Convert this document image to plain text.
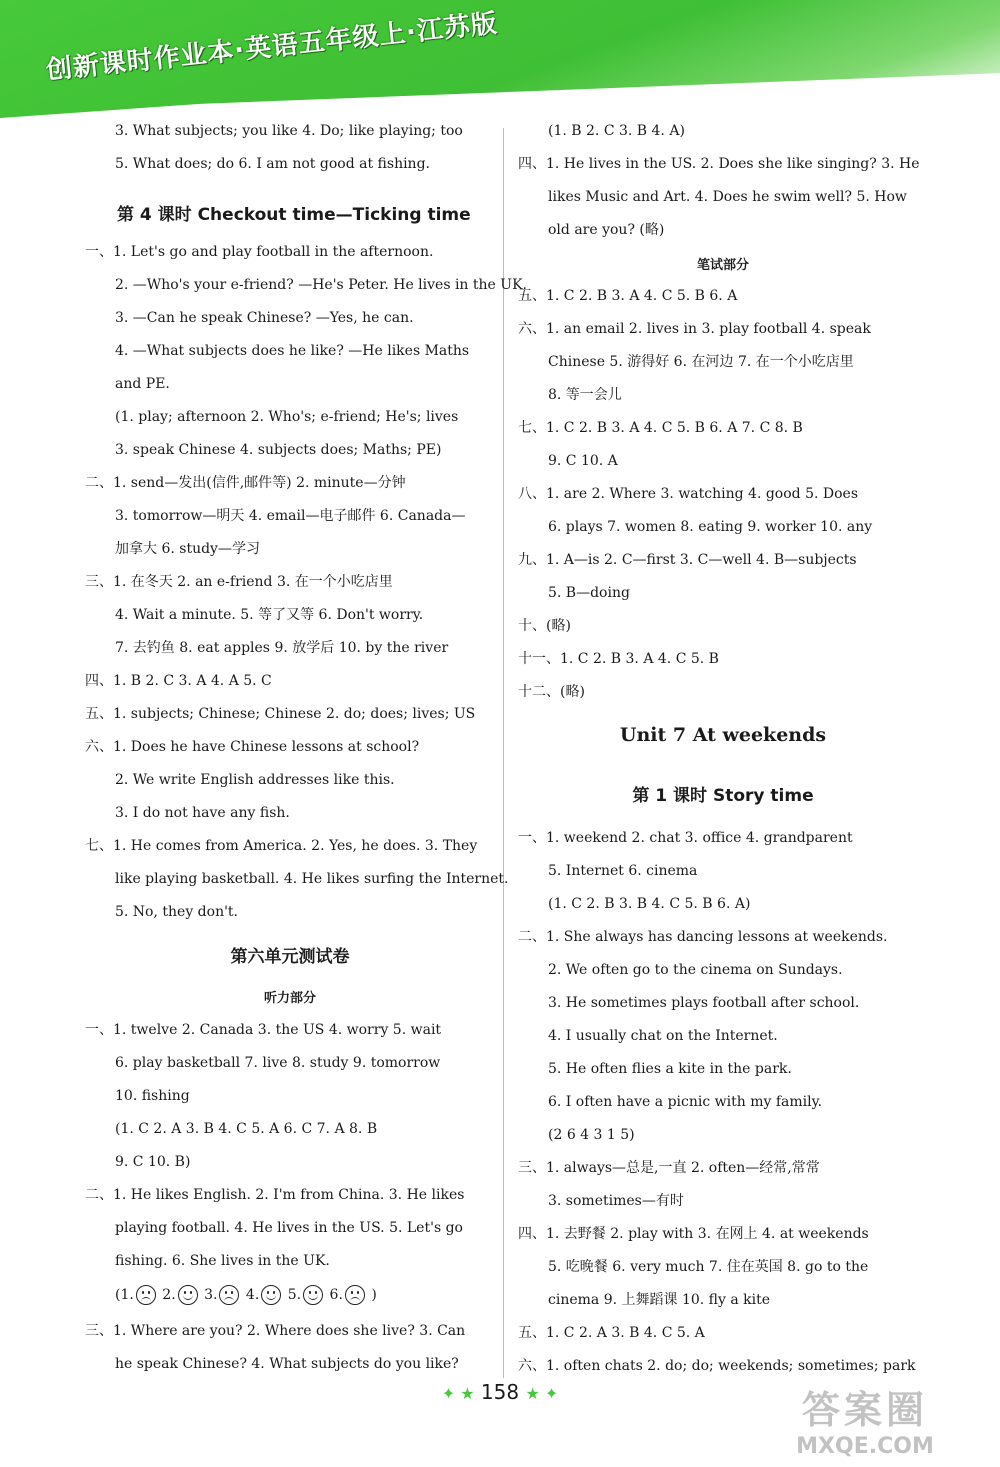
创新课时作业本·英语五年级上·江苏版
3. What subjects; you like 4. Do; like playing; too
5. What does; do 6. I am not good at fishing.
第 4 课时 Checkout time—Ticking time
一、1. Let's go and play football in the afternoon.
2. —Who's your e-friend? —He's Peter. He lives in the UK.
3. —Can he speak Chinese? —Yes, he can.
4. —What subjects does he like? —He likes Maths
and PE.
(1. play; afternoon 2. Who's; e-friend; He's; lives
3. speak Chinese 4. subjects does; Maths; PE)
二、1. send—发出(信件,邮件等) 2. minute—分钟
3. tomorrow—明天 4. email—电子邮件 6. Canada—
加拿大 6. study—学习
三、1. 在冬天 2. an e-friend 3. 在一个小吃店里
4. Wait a minute. 5. 等了又等 6. Don't worry.
7. 去钓鱼 8. eat apples 9. 放学后 10. by the river
四、1. B 2. C 3. A 4. A 5. C
五、1. subjects; Chinese; Chinese 2. do; does; lives; US
六、1. Does he have Chinese lessons at school?
2. We write English addresses like this.
3. I do not have any fish.
七、1. He comes from America. 2. Yes, he does. 3. They
like playing basketball. 4. He likes surfing the Internet.
5. No, they don't.
第六单元测试卷
听力部分
一、1. twelve 2. Canada 3. the US 4. worry 5. wait
6. play basketball 7. live 8. study 9. tomorrow
10. fishing
(1. C 2. A 3. B 4. C 5. A 6. C 7. A 8. B
9. C 10. B)
二、1. He likes English. 2. I'm from China. 3. He likes
playing football. 4. He lives in the US. 5. Let's go
fishing. 6. She lives in the UK.
(1. 2. 3. 4. 5. 6. )
三、1. Where are you? 2. Where does she live? 3. Can
he speak Chinese? 4. What subjects do you like?
(1. B 2. C 3. B 4. A)
四、1. He lives in the US. 2. Does she like singing? 3. He
likes Music and Art. 4. Does he swim well? 5. How
old are you? (略)
笔试部分
五、1. C 2. B 3. A 4. C 5. B 6. A
六、1. an email 2. lives in 3. play football 4. speak
Chinese 5. 游得好 6. 在河边 7. 在一个小吃店里
8. 等一会儿
七、1. C 2. B 3. A 4. C 5. B 6. A 7. C 8. B
9. C 10. A
八、1. are 2. Where 3. watching 4. good 5. Does
6. plays 7. women 8. eating 9. worker 10. any
九、1. A—is 2. C—first 3. C—well 4. B—subjects
5. B—doing
十、(略)
十一、1. C 2. B 3. A 4. C 5. B
十二、(略)
Unit 7 At weekends
第 1 课时 Story time
一、1. weekend 2. chat 3. office 4. grandparent
5. Internet 6. cinema
(1. C 2. B 3. B 4. C 5. B 6. A)
二、1. She always has dancing lessons at weekends.
2. We often go to the cinema on Sundays.
3. He sometimes plays football after school.
4. I usually chat on the Internet.
5. He often flies a kite in the park.
6. I often have a picnic with my family.
(2 6 4 3 1 5)
三、1. always—总是,一直 2. often—经常,常常
3. sometimes—有时
四、1. 去野餐 2. play with 3. 在网上 4. at weekends
5. 吃晚餐 6. very much 7. 住在英国 8. go to the
cinema 9. 上舞蹈课 10. fly a kite
五、1. C 2. A 3. B 4. C 5. A
六、1. often chats 2. do; do; weekends; sometimes; park
✦ ★ 158 ★ ✦	答案圈
MXQE.COM
